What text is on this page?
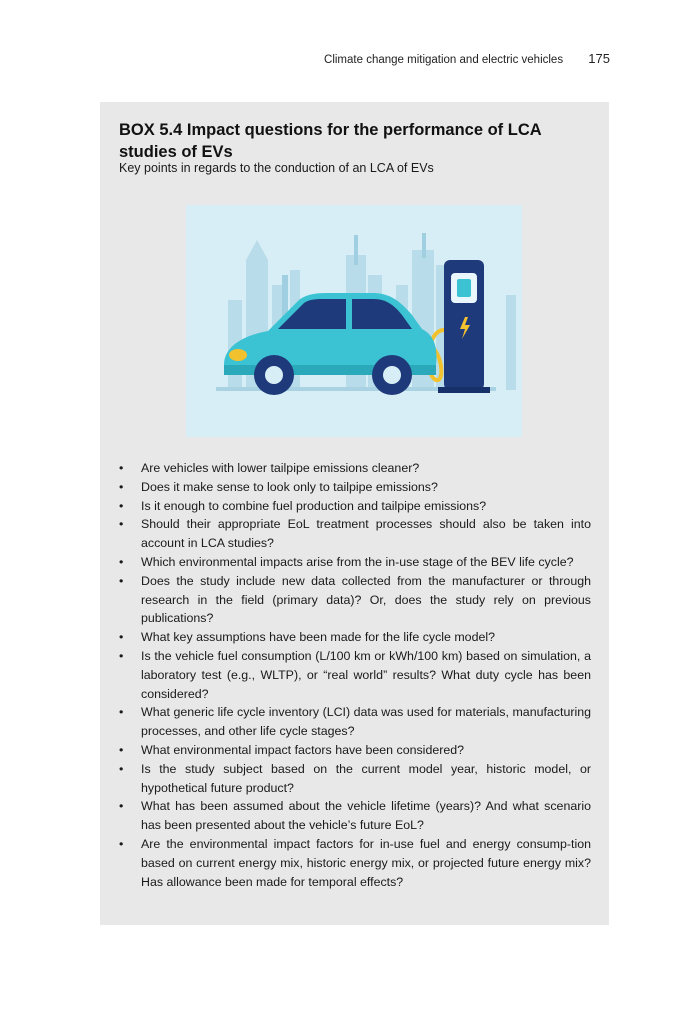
Climate change mitigation and electric vehicles 175
BOX 5.4 Impact questions for the performance of LCA studies of EVs
Key points in regards to the conduction of an LCA of EVs
• Are vehicles with lower tailpipe emissions cleaner?
• Does it make sense to look only to tailpipe emissions?
• Is it enough to combine fuel production and tailpipe emissions?
• Should their appropriate EoL treatment processes should also be taken into account in LCA studies?
• Which environmental impacts arise from the in-use stage of the BEV life cycle?
• Does the study include new data collected from the manufacturer or through research in the field (primary data)? Or, does the study rely on previous publications?
• What key assumptions have been made for the life cycle model?
• Is the vehicle fuel consumption (L/100 km or kWh/100 km) based on simulation, a laboratory test (e.g., WLTP), or “real world” results? What duty cycle has been considered?
• What generic life cycle inventory (LCI) data was used for materials, manufacturing processes, and other life cycle stages?
• What environmental impact factors have been considered?
• Is the study subject based on the current model year, historic model, or hypothetical future product?
• What has been assumed about the vehicle lifetime (years)? And what scenario has been presented about the vehicle’s future EoL?
• Are the environmental impact factors for in-use fuel and energy consump-tion based on current energy mix, historic energy mix, or projected future energy mix? Has allowance been made for temporal effects?
